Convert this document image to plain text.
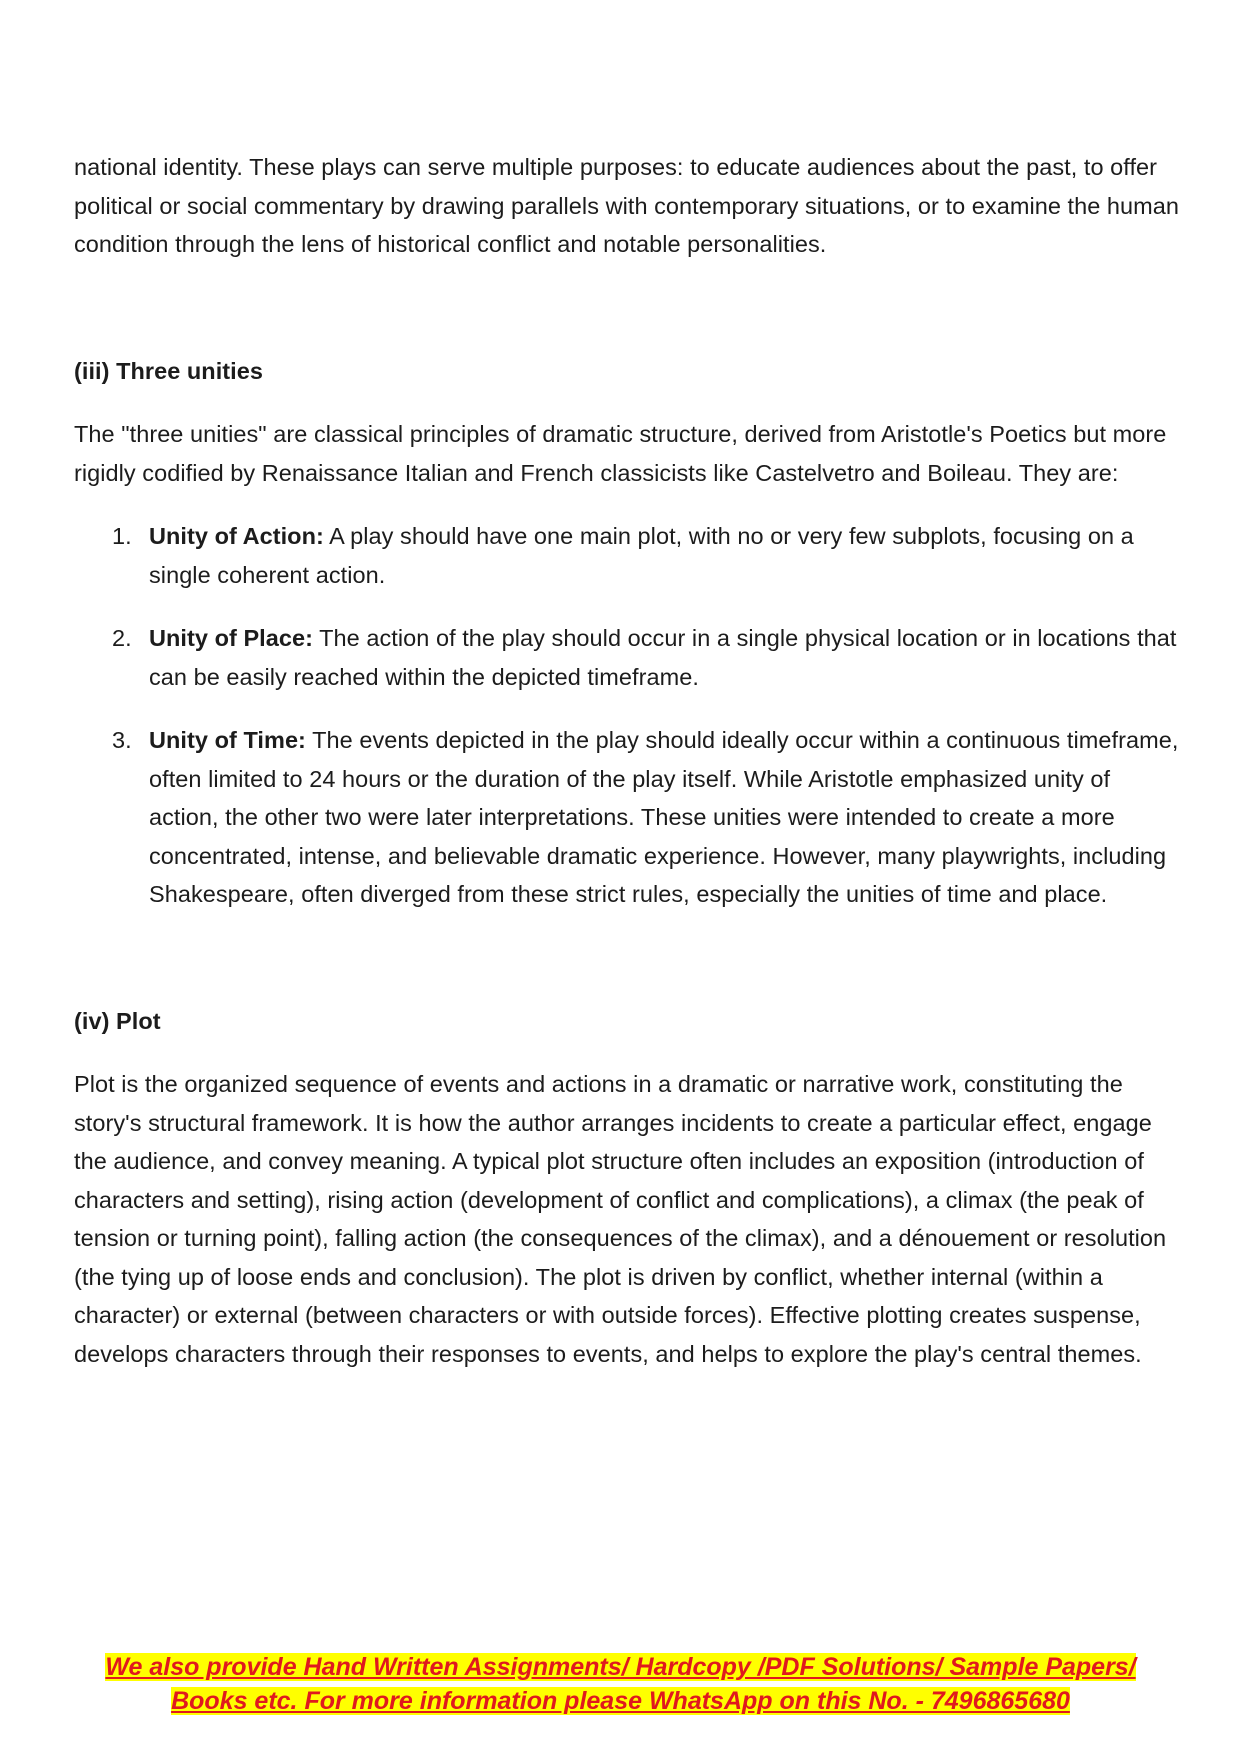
national identity. These plays can serve multiple purposes: to educate audiences about the past, to offer political or social commentary by drawing parallels with contemporary situations, or to examine the human condition through the lens of historical conflict and notable personalities.

(iii) Three unities

The "three unities" are classical principles of dramatic structure, derived from Aristotle's Poetics but more rigidly codified by Renaissance Italian and French classicists like Castelvetro and Boileau. They are:

1. Unity of Action: A play should have one main plot, with no or very few subplots, focusing on a single coherent action.
2. Unity of Place: The action of the play should occur in a single physical location or in locations that can be easily reached within the depicted timeframe.
3. Unity of Time: The events depicted in the play should ideally occur within a continuous timeframe, often limited to 24 hours or the duration of the play itself. While Aristotle emphasized unity of action, the other two were later interpretations. These unities were intended to create a more concentrated, intense, and believable dramatic experience. However, many playwrights, including Shakespeare, often diverged from these strict rules, especially the unities of time and place.
(iv) Plot

Plot is the organized sequence of events and actions in a dramatic or narrative work, constituting the story's structural framework. It is how the author arranges incidents to create a particular effect, engage the audience, and convey meaning. A typical plot structure often includes an exposition (introduction of characters and setting), rising action (development of conflict and complications), a climax (the peak of tension or turning point), falling action (the consequences of the climax), and a dénouement or resolution (the tying up of loose ends and conclusion). The plot is driven by conflict, whether internal (within a character) or external (between characters or with outside forces). Effective plotting creates suspense, develops characters through their responses to events, and helps to explore the play's central themes.

We also provide Hand Written Assignments/ Hardcopy /PDF Solutions/ Sample Papers/
Books etc. For more information please WhatsApp on this No. - 7496865680
